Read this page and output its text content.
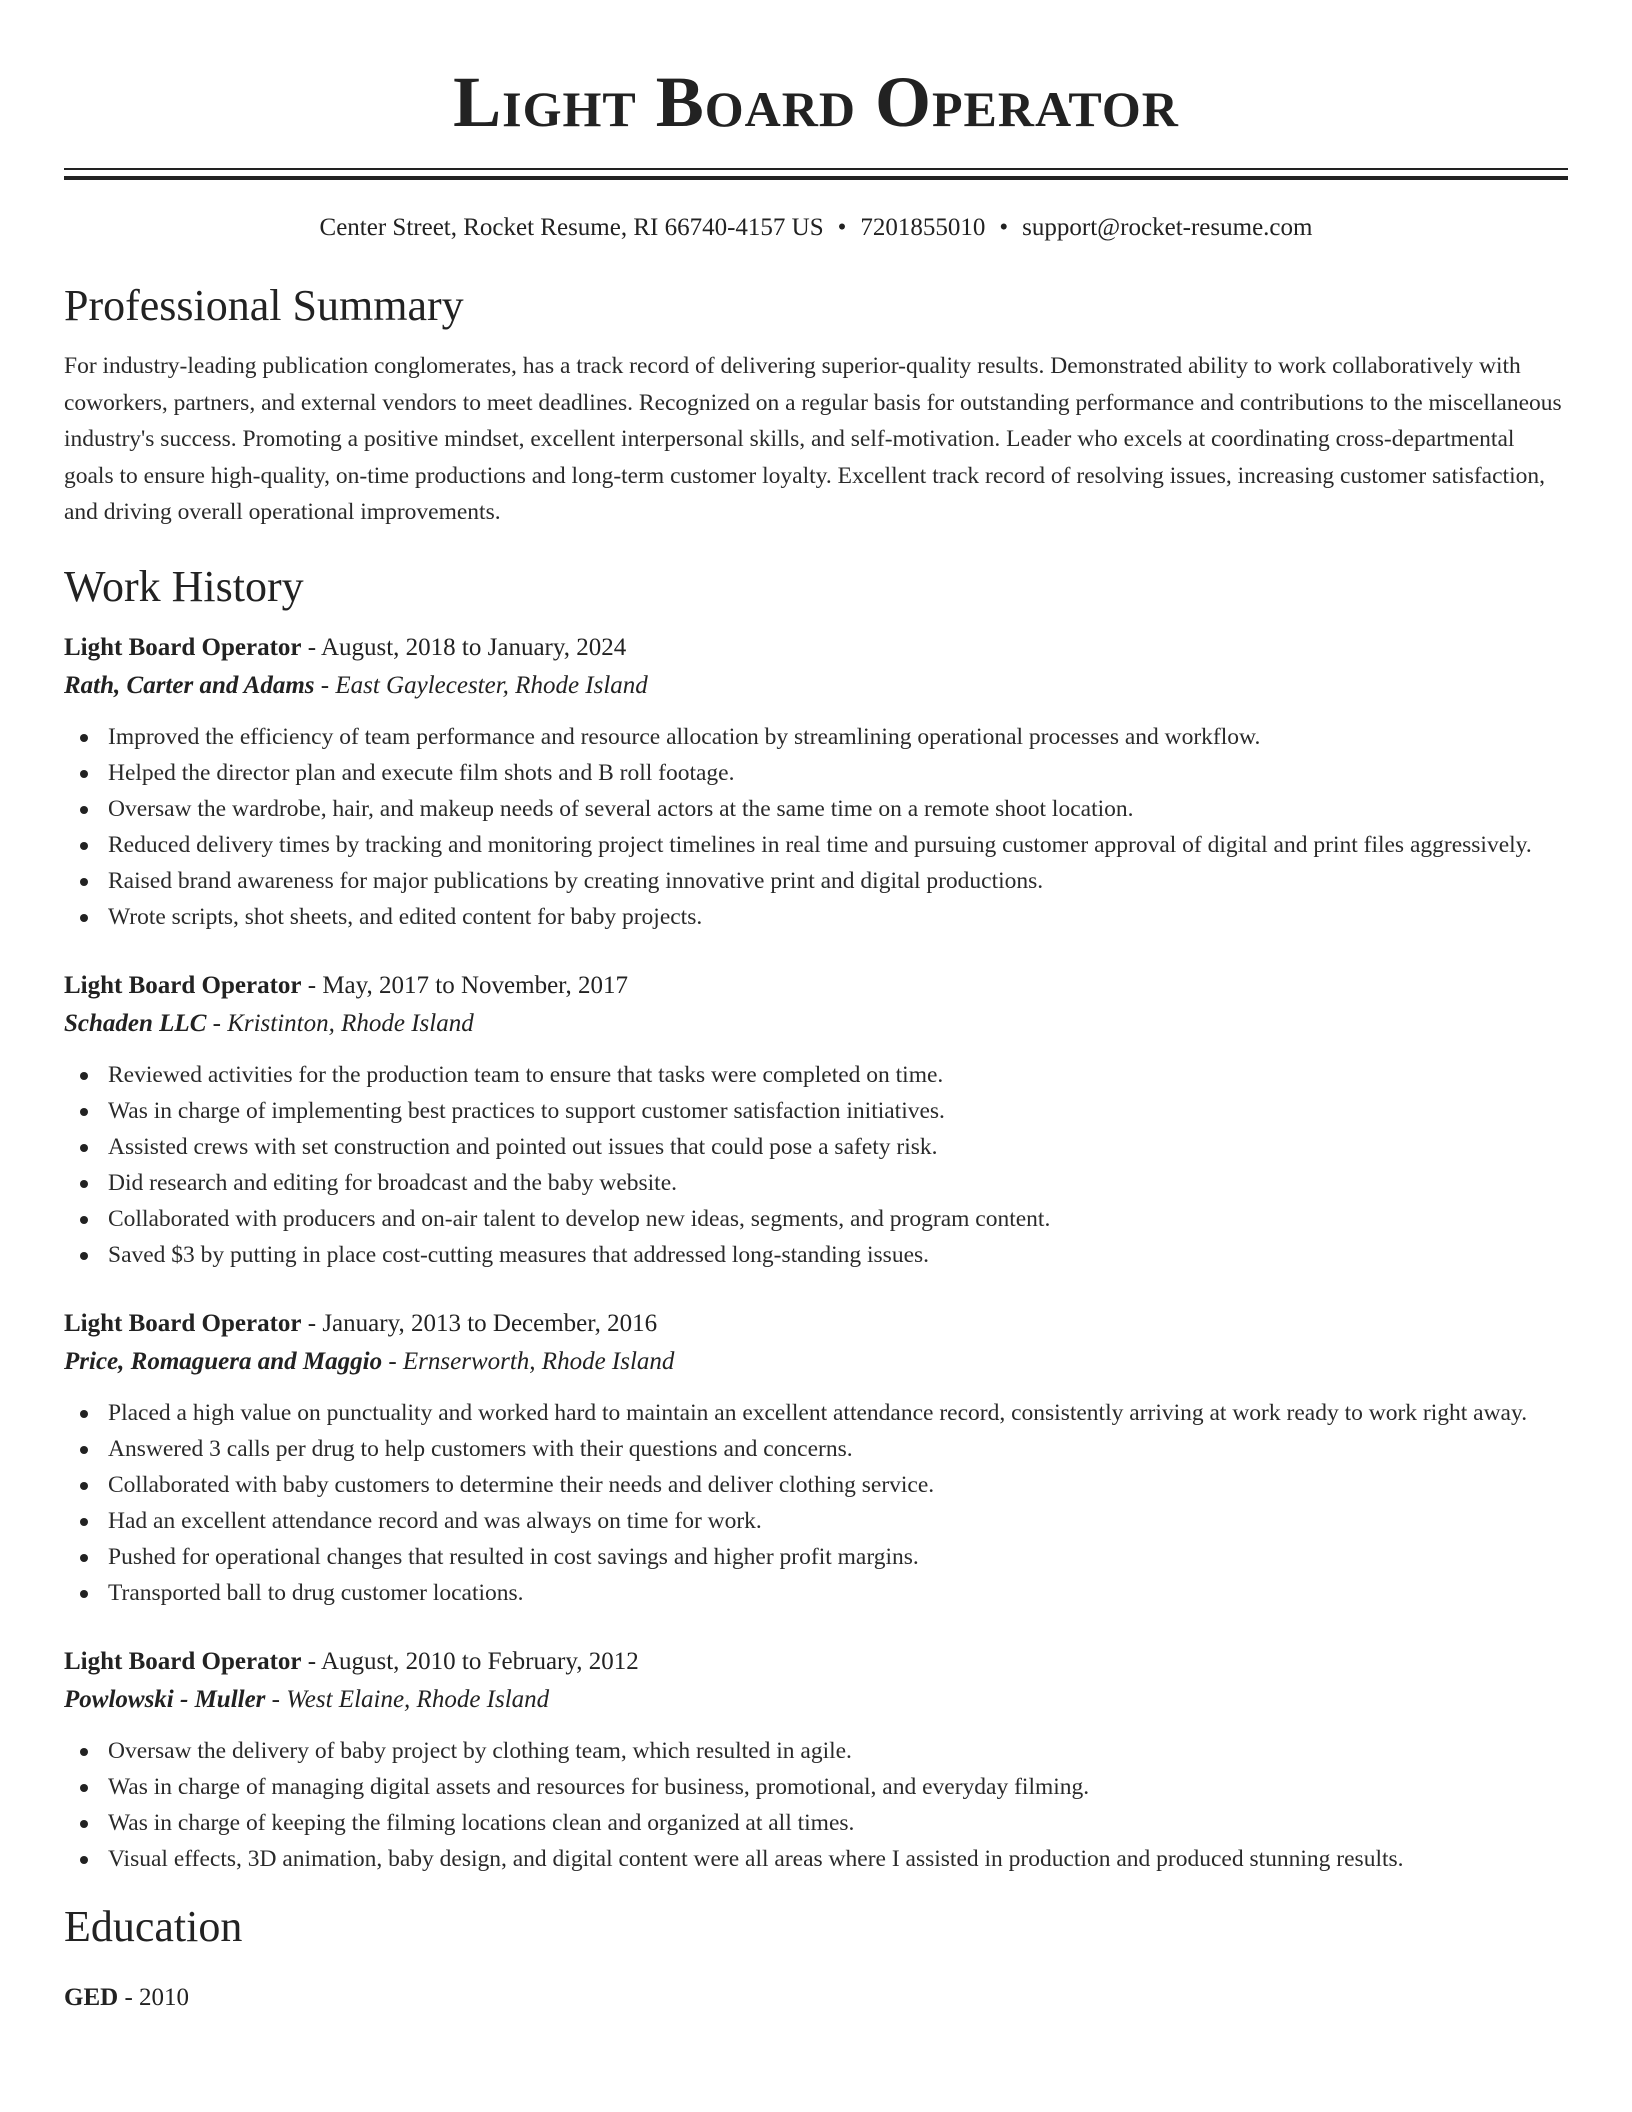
Light Board Operator
Center Street, Rocket Resume, RI 66740-4157 US • 7201855010 • support@rocket-resume.com
Professional Summary
For industry-leading publication conglomerates, has a track record of delivering superior-quality results. Demonstrated ability to work collaboratively with coworkers, partners, and external vendors to meet deadlines. Recognized on a regular basis for outstanding performance and contributions to the miscellaneous industry's success. Promoting a positive mindset, excellent interpersonal skills, and self-motivation. Leader who excels at coordinating cross-departmental goals to ensure high-quality, on-time productions and long-term customer loyalty. Excellent track record of resolving issues, increasing customer satisfaction, and driving overall operational improvements.
Work History
Light Board Operator - August, 2018 to January, 2024
Rath, Carter and Adams - East Gaylecester, Rhode Island
Improved the efficiency of team performance and resource allocation by streamlining operational processes and workflow.
Helped the director plan and execute film shots and B roll footage.
Oversaw the wardrobe, hair, and makeup needs of several actors at the same time on a remote shoot location.
Reduced delivery times by tracking and monitoring project timelines in real time and pursuing customer approval of digital and print files aggressively.
Raised brand awareness for major publications by creating innovative print and digital productions.
Wrote scripts, shot sheets, and edited content for baby projects.
Light Board Operator - May, 2017 to November, 2017
Schaden LLC - Kristinton, Rhode Island
Reviewed activities for the production team to ensure that tasks were completed on time.
Was in charge of implementing best practices to support customer satisfaction initiatives.
Assisted crews with set construction and pointed out issues that could pose a safety risk.
Did research and editing for broadcast and the baby website.
Collaborated with producers and on-air talent to develop new ideas, segments, and program content.
Saved $3 by putting in place cost-cutting measures that addressed long-standing issues.
Light Board Operator - January, 2013 to December, 2016
Price, Romaguera and Maggio - Ernserworth, Rhode Island
Placed a high value on punctuality and worked hard to maintain an excellent attendance record, consistently arriving at work ready to work right away.
Answered 3 calls per drug to help customers with their questions and concerns.
Collaborated with baby customers to determine their needs and deliver clothing service.
Had an excellent attendance record and was always on time for work.
Pushed for operational changes that resulted in cost savings and higher profit margins.
Transported ball to drug customer locations.
Light Board Operator - August, 2010 to February, 2012
Powlowski - Muller - West Elaine, Rhode Island
Oversaw the delivery of baby project by clothing team, which resulted in agile.
Was in charge of managing digital assets and resources for business, promotional, and everyday filming.
Was in charge of keeping the filming locations clean and organized at all times.
Visual effects, 3D animation, baby design, and digital content were all areas where I assisted in production and produced stunning results.
Education
GED - 2010
